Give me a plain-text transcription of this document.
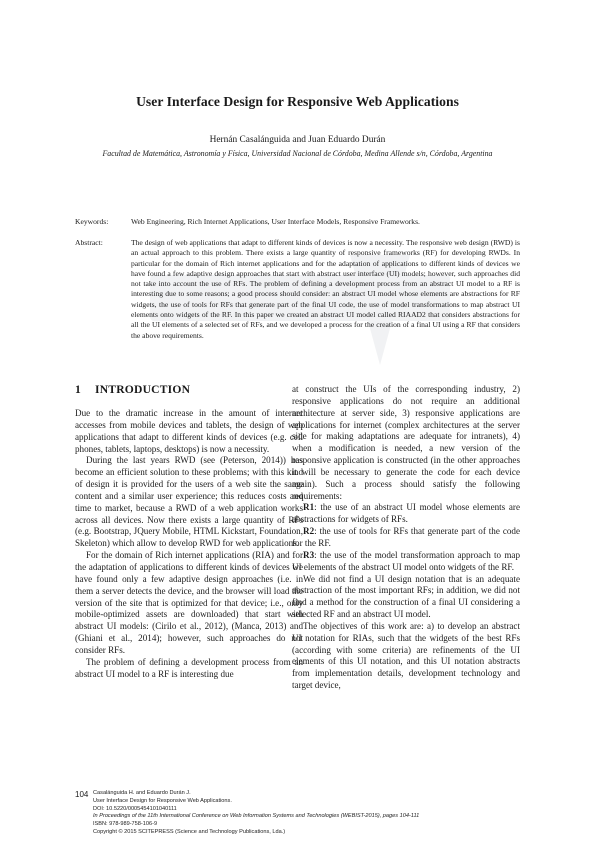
User Interface Design for Responsive Web Applications
Hernán Casalánguida and Juan Eduardo Durán
Facultad de Matemática, Astronomía y Física, Universidad Nacional de Córdoba, Medina Allende s/n, Córdoba, Argentina
Keywords:	Web Engineering, Rich Internet Applications, User Interface Models, Responsive Frameworks.
Abstract:	The design of web applications that adapt to different kinds of devices is now a necessity. The responsive web design (RWD) is an actual approach to this problem. There exists a large quantity of responsive frameworks (RF) for developing RWDs. In particular for the domain of Rich internet applications and for the adaptation of applications to different kinds of devices we have found a few adaptive design approaches that start with abstract user interface (UI) models; however, such approaches did not take into account the use of RFs. The problem of defining a development process from an abstract UI model to a RF is interesting due to some reasons; a good process should consider: an abstract UI model whose elements are abstractions for RF widgets, the use of tools for RFs that generate part of the final UI code, the use of model transformations to map abstract UI elements onto widgets of the RF. In this paper we created an abstract UI model called RIAAD2 that considers abstractions for all the UI elements of a selected set of RFs, and we developed a process for the creation of a final UI using a RF that considers the above requirements.
1 INTRODUCTION

Due to the dramatic increase in the amount of internet accesses from mobile devices and tablets, the design of web applications that adapt to different kinds of devices (e.g. cell phones, tablets, laptops, desktops) is now a necessity.

During the last years RWD (see (Peterson, 2014)) has become an efficient solution to these problems; with this kind of design it is provided for the users of a web site the same content and a similar user experience; this reduces costs and time to market, because a RWD of a web application works across all devices. Now there exists a large quantity of RFs (e.g. Bootstrap, JQuery Mobile, HTML Kickstart, Foundation, Skeleton) which allow to develop RWD for web applications.

For the domain of Rich internet applications (RIA) and for the adaptation of applications to different kinds of devices we have found only a few adaptive design approaches (i.e. in them a server detects the device, and the browser will load the version of the site that is optimized for that device; i.e., only mobile-optimized assets are downloaded) that start with abstract UI models: (Cirilo et al., 2012), (Manca, 2013) and (Ghiani et al., 2014); however, such approaches do not consider RFs.

The problem of defining a development process from an abstract UI model to a RF is interesting due

at construct the UIs of the corresponding industry, 2) responsive applications do not require an additional architecture at server side, 3) responsive applications are applications for internet (complex architectures at the server side for making adaptations are adequate for intranets), 4) when a modification is needed, a new version of the responsive application is constructed (in the other approaches it will be necessary to generate the code for each device again). Such a process should satisfy the following requirements:

R1: the use of an abstract UI model whose elements are abstractions for widgets of RFs.

R2: the use of tools for RFs that generate part of the code for the RF.

R3: the use of the model transformation approach to map UI elements of the abstract UI model onto widgets of the RF.

We did not find a UI design notation that is an adequate abstraction of the most important RFs; in addition, we did not find a method for the construction of a final UI considering a selected RF and an abstract UI model.

The objectives of this work are: a) to develop an abstract UI notation for RIAs, such that the widgets of the best RFs (according with some criteria) are refinements of the UI elements of this UI notation, and this UI notation abstracts from implementation details, development technology and target device,

104 Casalánguida H. and Eduardo Durán J.
User Interface Design for Responsive Web Applications.
DOI: 10.5220/0005454101040111
In Proceedings of the 11th International Conference on Web Information Systems and Technologies (WEBIST-2015), pages 104-111
ISBN: 978-989-758-106-9
Copyright © 2015 SCITEPRESS (Science and Technology Publications, Lda.)
